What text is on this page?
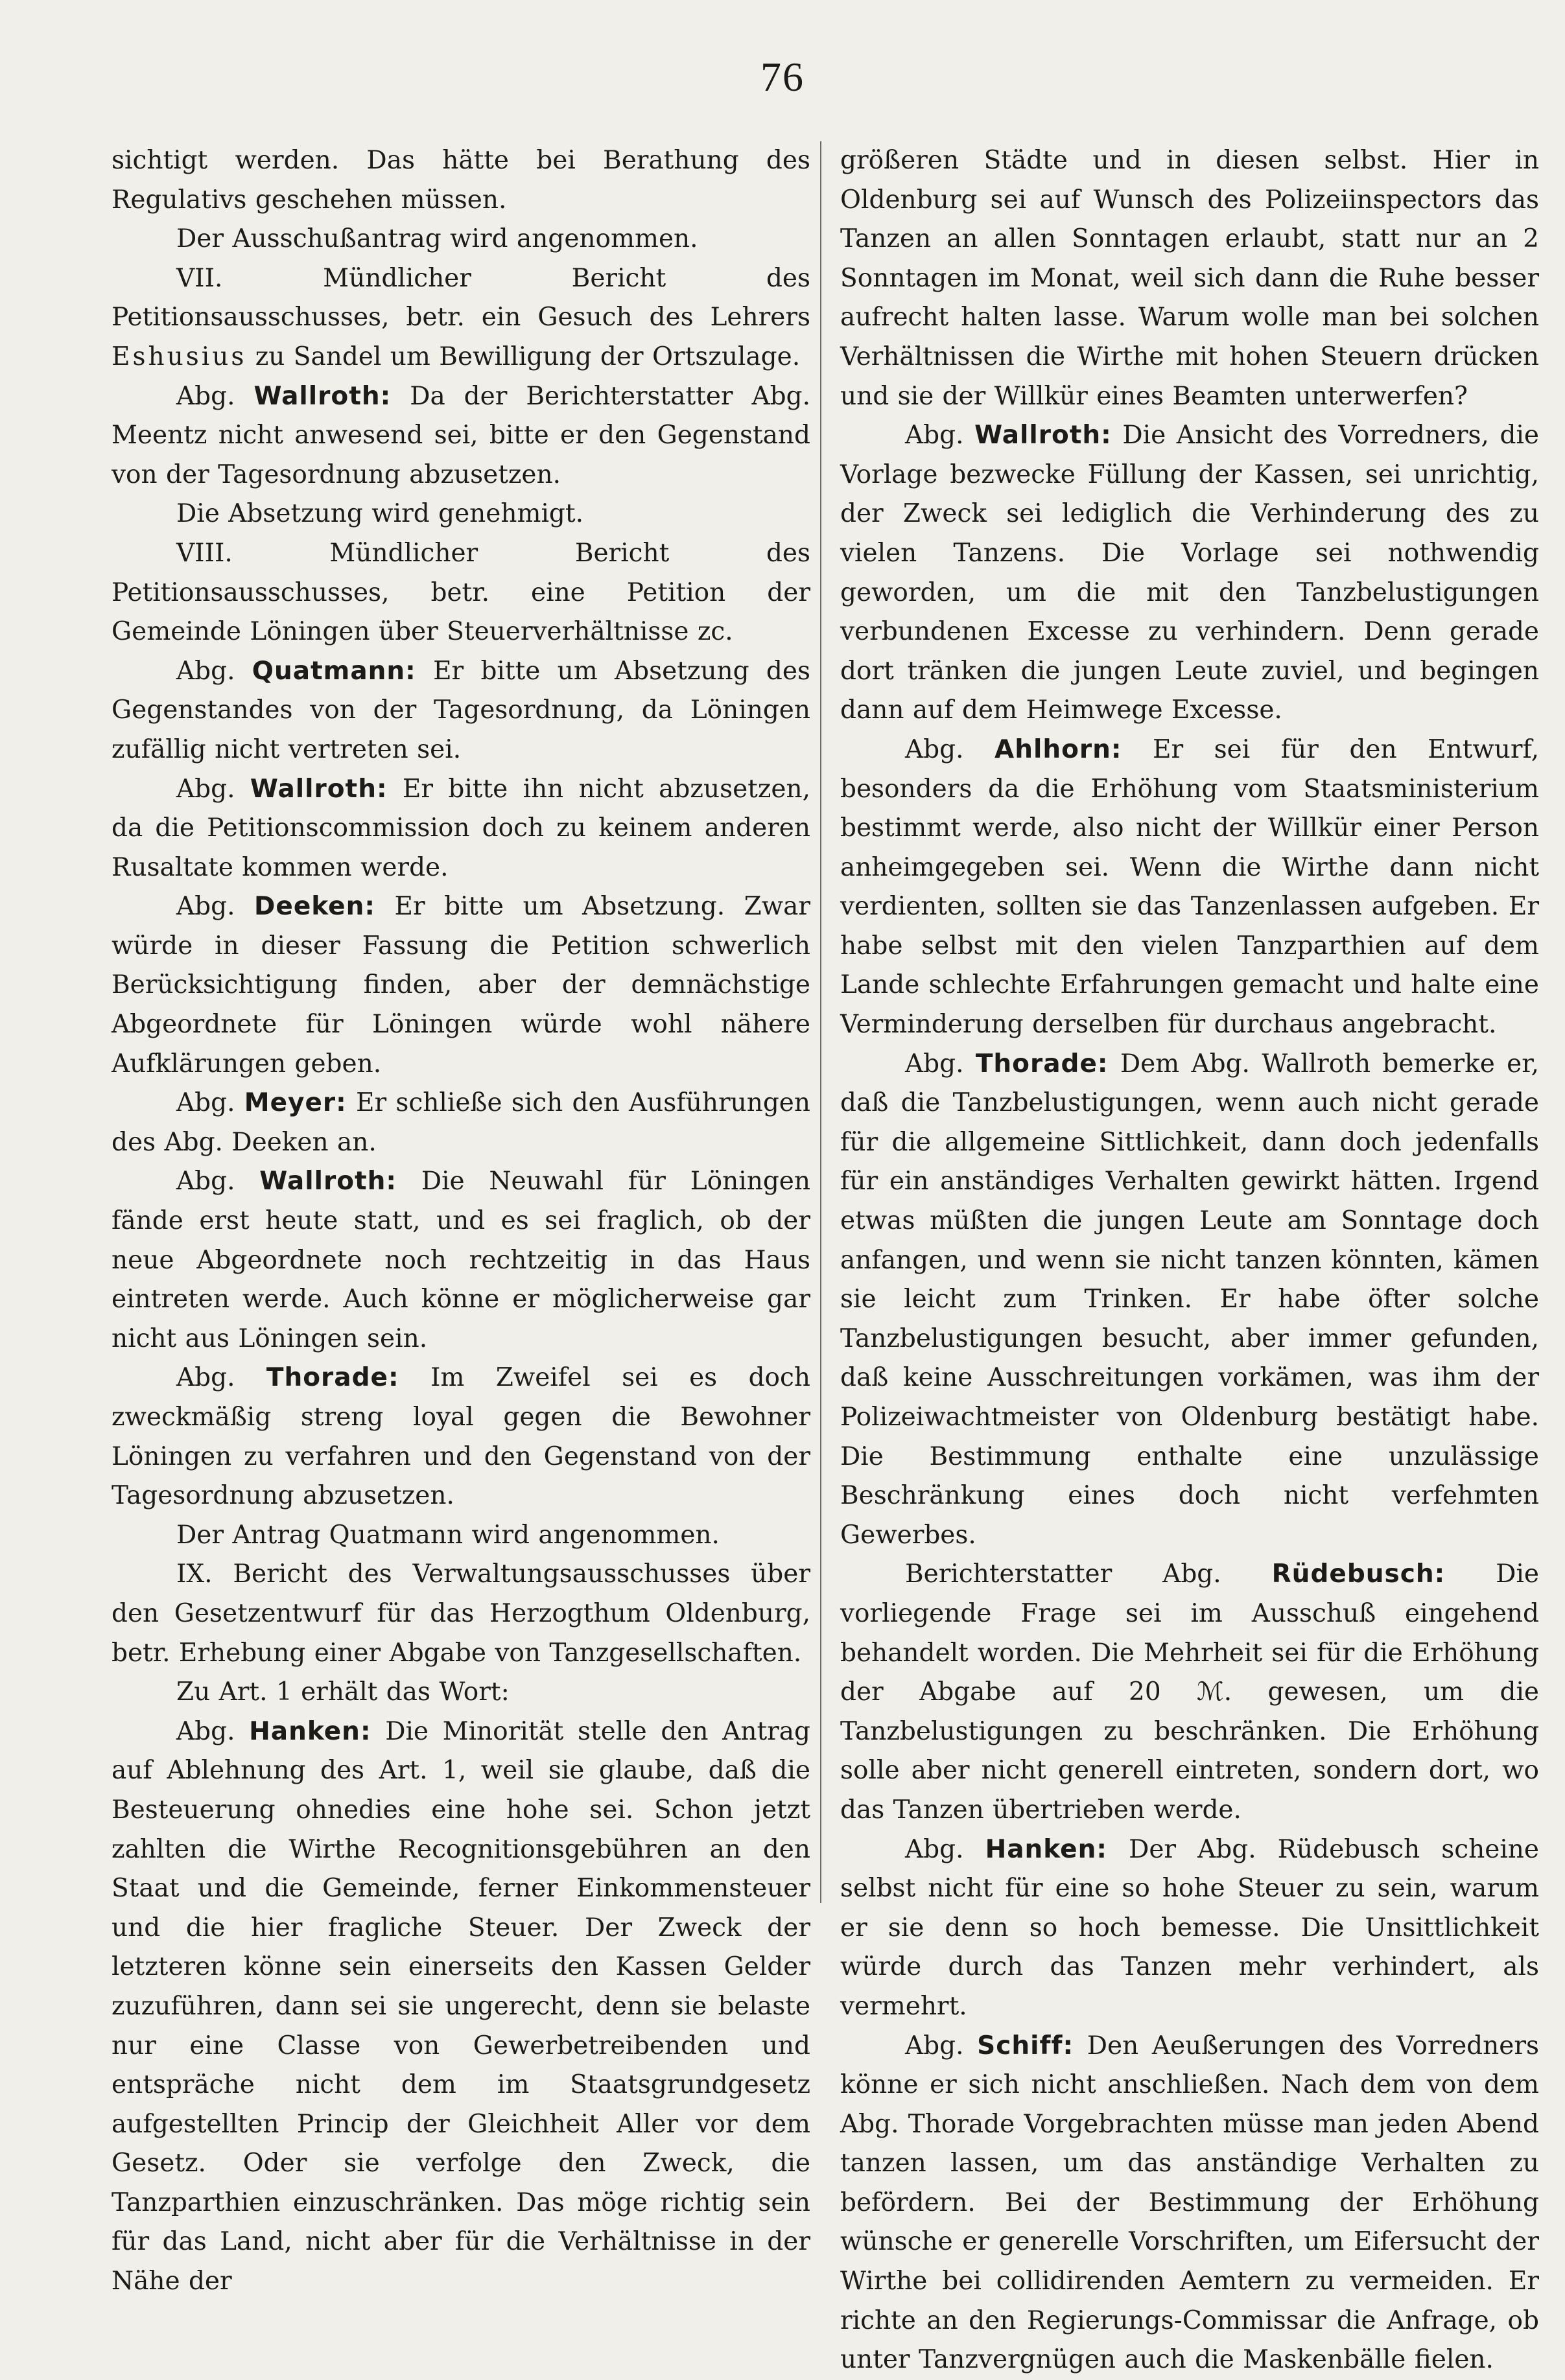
76

sichtigt werden. Das hätte bei Berathung des Regulativs geschehen müssen.

Der Ausschußantrag wird angenommen.

VII. Mündlicher Bericht des Petitionsausschusses, betr. ein Gesuch des Lehrers Eshusius zu Sandel um Bewilligung der Ortszulage.

Abg. Wallroth: Da der Berichterstatter Abg. Meentz nicht anwesend sei, bitte er den Gegenstand von der Tagesordnung abzusetzen.

Die Absetzung wird genehmigt.

VIII. Mündlicher Bericht des Petitionsausschusses, betr. eine Petition der Gemeinde Löningen über Steuerverhältnisse zc.

Abg. Quatmann: Er bitte um Absetzung des Gegenstandes von der Tagesordnung, da Löningen zufällig nicht vertreten sei.

Abg. Wallroth: Er bitte ihn nicht abzusetzen, da die Petitionscommission doch zu keinem anderen Rusaltate kommen werde.

Abg. Deeken: Er bitte um Absetzung. Zwar würde in dieser Fassung die Petition schwerlich Berücksichtigung finden, aber der demnächstige Abgeordnete für Löningen würde wohl nähere Aufklärungen geben.

Abg. Meyer: Er schließe sich den Ausführungen des Abg. Deeken an.

Abg. Wallroth: Die Neuwahl für Löningen fände erst heute statt, und es sei fraglich, ob der neue Abgeordnete noch rechtzeitig in das Haus eintreten werde. Auch könne er möglicherweise gar nicht aus Löningen sein.

Abg. Thorade: Im Zweifel sei es doch zweckmäßig streng loyal gegen die Bewohner Löningen zu verfahren und den Gegenstand von der Tagesordnung abzusetzen.

Der Antrag Quatmann wird angenommen.

IX. Bericht des Verwaltungsausschusses über den Gesetzentwurf für das Herzogthum Oldenburg, betr. Erhebung einer Abgabe von Tanzgesellschaften.

Zu Art. 1 erhält das Wort:

Abg. Hanken: Die Minorität stelle den Antrag auf Ablehnung des Art. 1, weil sie glaube, daß die Besteuerung ohnedies eine hohe sei. Schon jetzt zahlten die Wirthe Recognitionsgebühren an den Staat und die Gemeinde, ferner Einkommensteuer und die hier fragliche Steuer. Der Zweck der letzteren könne sein einerseits den Kassen Gelder zuzuführen, dann sei sie ungerecht, denn sie belaste nur eine Classe von Gewerbetreibenden und entspräche nicht dem im Staatsgrundgesetz aufgestellten Princip der Gleichheit Aller vor dem Gesetz. Oder sie verfolge den Zweck, die Tanzparthien einzuschränken. Das möge richtig sein für das Land, nicht aber für die Verhältnisse in der Nähe der

größeren Städte und in diesen selbst. Hier in Oldenburg sei auf Wunsch des Polizeiinspectors das Tanzen an allen Sonntagen erlaubt, statt nur an 2 Sonntagen im Monat, weil sich dann die Ruhe besser aufrecht halten lasse. Warum wolle man bei solchen Verhältnissen die Wirthe mit hohen Steuern drücken und sie der Willkür eines Beamten unterwerfen?

Abg. Wallroth: Die Ansicht des Vorredners, die Vorlage bezwecke Füllung der Kassen, sei unrichtig, der Zweck sei lediglich die Verhinderung des zu vielen Tanzens. Die Vorlage sei nothwendig geworden, um die mit den Tanzbelustigungen verbundenen Excesse zu verhindern. Denn gerade dort tränken die jungen Leute zuviel, und begingen dann auf dem Heimwege Excesse.

Abg. Ahlhorn: Er sei für den Entwurf, besonders da die Erhöhung vom Staatsministerium bestimmt werde, also nicht der Willkür einer Person anheimgegeben sei. Wenn die Wirthe dann nicht verdienten, sollten sie das Tanzenlassen aufgeben. Er habe selbst mit den vielen Tanzparthien auf dem Lande schlechte Erfahrungen gemacht und halte eine Verminderung derselben für durchaus angebracht.

Abg. Thorade: Dem Abg. Wallroth bemerke er, daß die Tanzbelustigungen, wenn auch nicht gerade für die allgemeine Sittlichkeit, dann doch jedenfalls für ein anständiges Verhalten gewirkt hätten. Irgend etwas müßten die jungen Leute am Sonntage doch anfangen, und wenn sie nicht tanzen könnten, kämen sie leicht zum Trinken. Er habe öfter solche Tanzbelustigungen besucht, aber immer gefunden, daß keine Ausschreitungen vorkämen, was ihm der Polizeiwachtmeister von Oldenburg bestätigt habe. Die Bestimmung enthalte eine unzulässige Beschränkung eines doch nicht verfehmten Gewerbes.

Berichterstatter Abg. Rüdebusch: Die vorliegende Frage sei im Ausschuß eingehend behandelt worden. Die Mehrheit sei für die Erhöhung der Abgabe auf 20 ℳ. gewesen, um die Tanzbelustigungen zu beschränken. Die Erhöhung solle aber nicht generell eintreten, sondern dort, wo das Tanzen übertrieben werde.

Abg. Hanken: Der Abg. Rüdebusch scheine selbst nicht für eine so hohe Steuer zu sein, warum er sie denn so hoch bemesse. Die Unsittlichkeit würde durch das Tanzen mehr verhindert, als vermehrt.

Abg. Schiff: Den Aeußerungen des Vorredners könne er sich nicht anschließen. Nach dem von dem Abg. Thorade Vorgebrachten müsse man jeden Abend tanzen lassen, um das anständige Verhalten zu befördern. Bei der Bestimmung der Erhöhung wünsche er generelle Vorschriften, um Eifersucht der Wirthe bei collidirenden Aemtern zu vermeiden. Er richte an den Regierungs-Commissar die Anfrage, ob unter Tanzvergnügen auch die Maskenbälle fielen.
